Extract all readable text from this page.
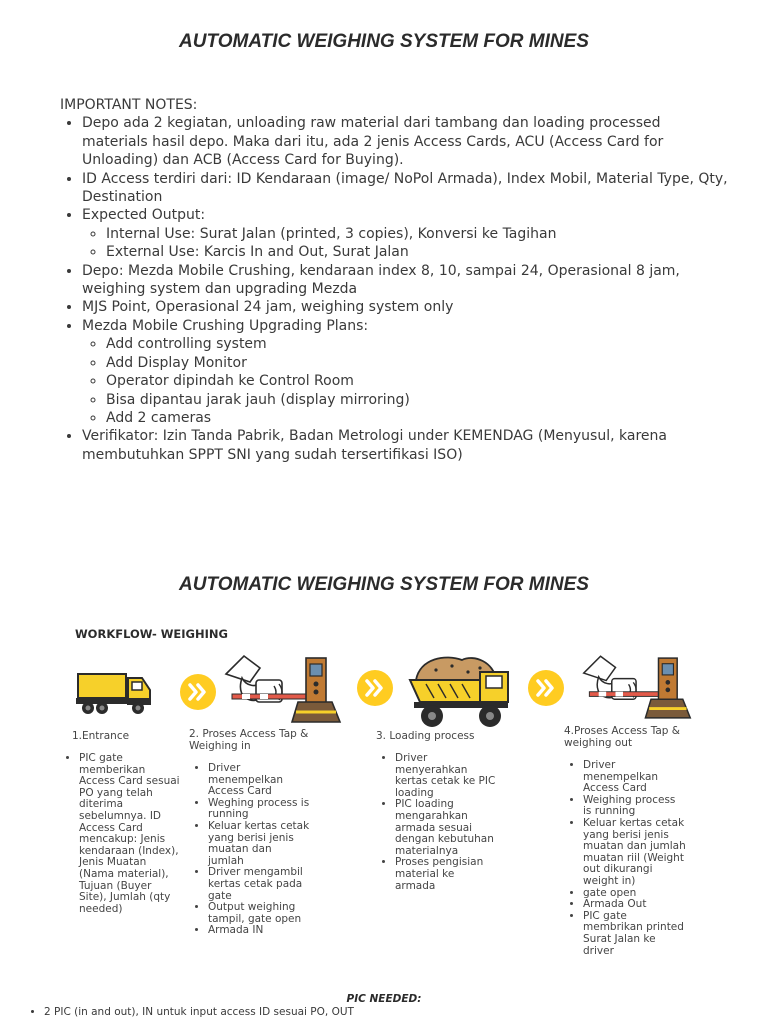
AUTOMATIC WEIGHING SYSTEM FOR MINES
IMPORTANT NOTES:
• Depo ada 2 kegiatan, unloading raw material dari tambang dan loading processed materials hasil depo. Maka dari itu, ada 2 jenis Access Cards, ACU (Access Card for Unloading) dan ACB (Access Card for Buying).
• ID Access terdiri dari: ID Kendaraan (image/ NoPol Armada), Index Mobil, Material Type, Qty, Destination
• Expected Output:
◦ Internal Use: Surat Jalan (printed, 3 copies), Konversi ke Tagihan
◦ External Use: Karcis In and Out, Surat Jalan
• Depo: Mezda Mobile Crushing, kendaraan index 8, 10, sampai 24, Operasional 8 jam, weighing system dan upgrading Mezda
• MJS Point, Operasional 24 jam, weighing system only
• Mezda Mobile Crushing Upgrading Plans:
◦ Add controlling system
◦ Add Display Monitor
◦ Operator dipindah ke Control Room
◦ Bisa dipantau jarak jauh (display mirroring)
◦ Add 2 cameras
• Verifikator: Izin Tanda Pabrik, Badan Metrologi under KEMENDAG (Menyusul, karena membutuhkan SPPT SNI yang sudah tersertifikasi ISO)
AUTOMATIC WEIGHING SYSTEM FOR MINES
WORKFLOW- WEIGHING
1.Entrance	2. Proses Access Tap & Weighing in
3. Loading process	4.Proses Access Tap & weighing out
• PIC gate memberikan Access Card sesuai PO yang telah diterima sebelumnya. ID Access Card mencakup: Jenis kendaraan (Index), Jenis Muatan (Nama material), Tujuan (Buyer Site), Jumlah (qty needed)
• Driver menempelkan Access Card
• Weghing process is running
• Keluar kertas cetak yang berisi jenis muatan dan jumlah
• Driver mengambil kertas cetak pada gate
• Output weighing tampil, gate open
• Armada IN
• Driver menyerahkan kertas cetak ke PIC loading
• PIC loading mengarahkan armada sesuai dengan kebutuhan materialnya
• Proses pengisian material ke armada
• Driver menempelkan Access Card
• Weighing process is running
• Keluar kertas cetak yang berisi jenis muatan dan jumlah muatan riil (Weight out dikurangi weight in)
• gate open
• Armada Out
• PIC gate membrikan printed Surat Jalan ke driver
PIC NEEDED:
• 2 PIC (in and out), IN untuk input access ID sesuai PO, OUT
